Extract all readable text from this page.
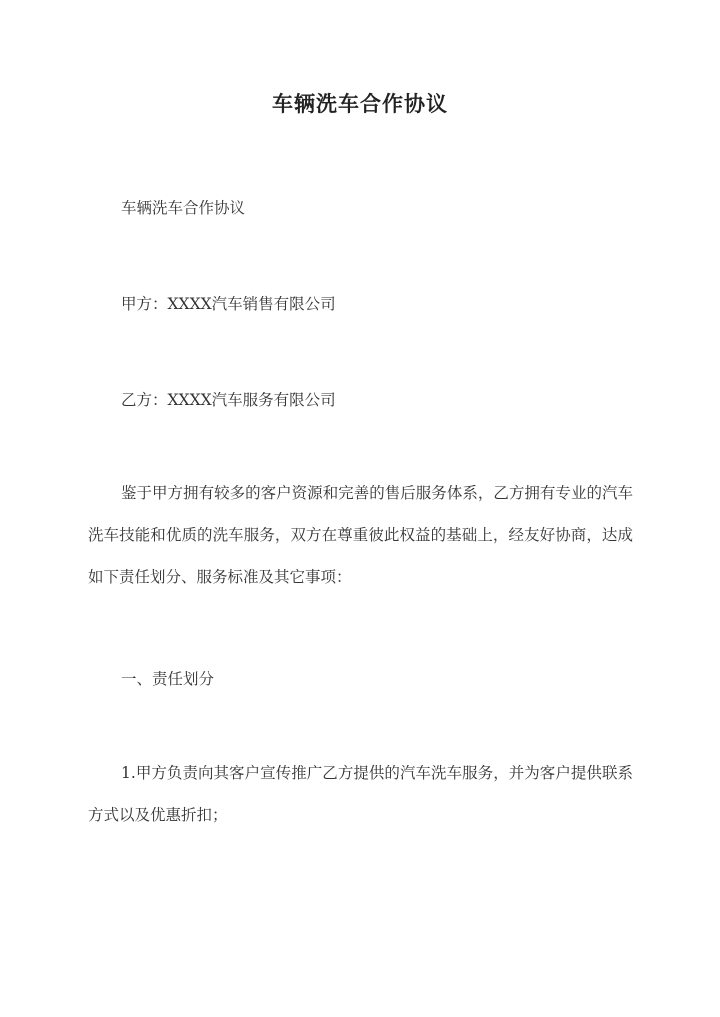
车辆洗车合作协议
车辆洗车合作协议
甲方：XXXX汽车销售有限公司
乙方：XXXX汽车服务有限公司
鉴于甲方拥有较多的客户资源和完善的售后服务体系，乙方拥有专业的汽车洗车技能和优质的洗车服务，双方在尊重彼此权益的基础上，经友好协商，达成如下责任划分、服务标准及其它事项：
一、责任划分
1.甲方负责向其客户宣传推广乙方提供的汽车洗车服务，并为客户提供联系方式以及优惠折扣；
